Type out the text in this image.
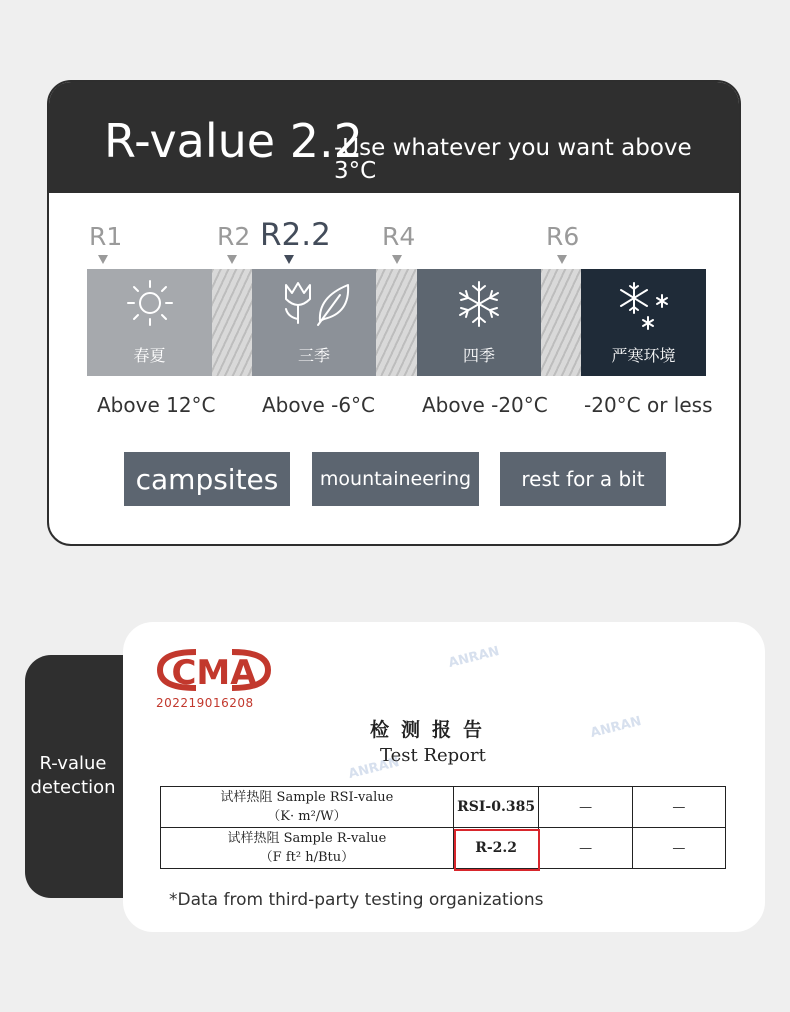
R-value 2.2
-Use whatever you want above 3°C
R1	R2 R2.2 R4	R6
春夏	三季	四季	严寒环境
Above 12°C Above -6°C Above -20°C -20°C or less
campsites	mountaineering	rest for a bit
R-value
detection
CMA
202219016208
ANRAN
ANRAN
ANRAN
检测报告
Test Report
试样热阻 Sample RSI-value
（K· m²/W）	RSI-0.385	—	—

试样热阻 Sample R-value
（F ft² h/Btu）	R-2.2	—	—
*Data from third-party testing organizations
